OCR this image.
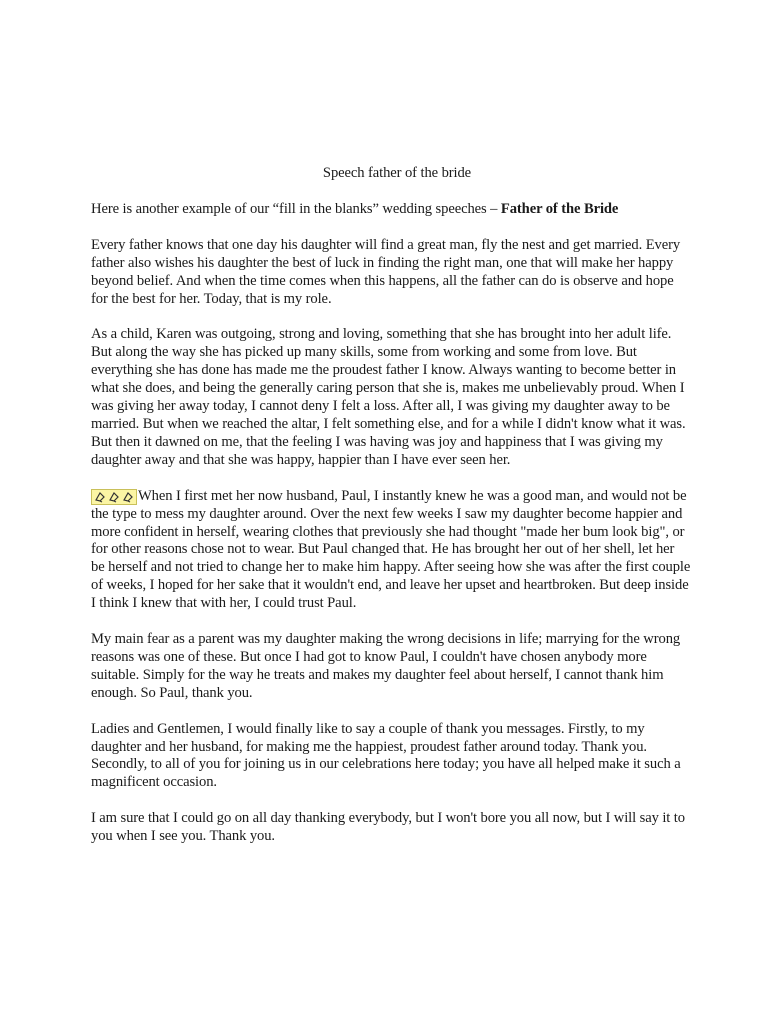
Speech father of the bride

Here is another example of our “fill in the blanks” wedding speeches – Father of the Bride

Every father knows that one day his daughter will find a great man, fly the nest and get married. Every father also wishes his daughter the best of luck in finding the right man, one that will make her happy beyond belief. And when the time comes when this happens, all the father can do is observe and hope for the best for her. Today, that is my role.

As a child, Karen was outgoing, strong and loving, something that she has brought into her adult life. But along the way she has picked up many skills, some from working and some from love. But everything she has done has made me the proudest father I know. Always wanting to become better in what she does, and being the generally caring person that she is, makes me unbelievably proud. When I was giving her away today, I cannot deny I felt a loss. After all, I was giving my daughter away to be married. But when we reached the altar, I felt something else, and for a while I didn't know what it was. But then it dawned on me, that the feeling I was having was joy and happiness that I was giving my daughter away and that she was happy, happier than I have ever seen her.

When I first met her now husband, Paul, I instantly knew he was a good man, and would not be the type to mess my daughter around. Over the next few weeks I saw my daughter become happier and more confident in herself, wearing clothes that previously she had thought "made her bum look big", or for other reasons chose not to wear. But Paul changed that. He has brought her out of her shell, let her be herself and not tried to change her to make him happy. After seeing how she was after the first couple of weeks, I hoped for her sake that it wouldn't end, and leave her upset and heartbroken. But deep inside I think I knew that with her, I could trust Paul.

My main fear as a parent was my daughter making the wrong decisions in life; marrying for the wrong reasons was one of these. But once I had got to know Paul, I couldn't have chosen anybody more suitable. Simply for the way he treats and makes my daughter feel about herself, I cannot thank him enough. So Paul, thank you.

Ladies and Gentlemen, I would finally like to say a couple of thank you messages. Firstly, to my daughter and her husband, for making me the happiest, proudest father around today. Thank you. Secondly, to all of you for joining us in our celebrations here today; you have all helped make it such a magnificent occasion.

I am sure that I could go on all day thanking everybody, but I won't bore you all now, but I will say it to you when I see you. Thank you.
